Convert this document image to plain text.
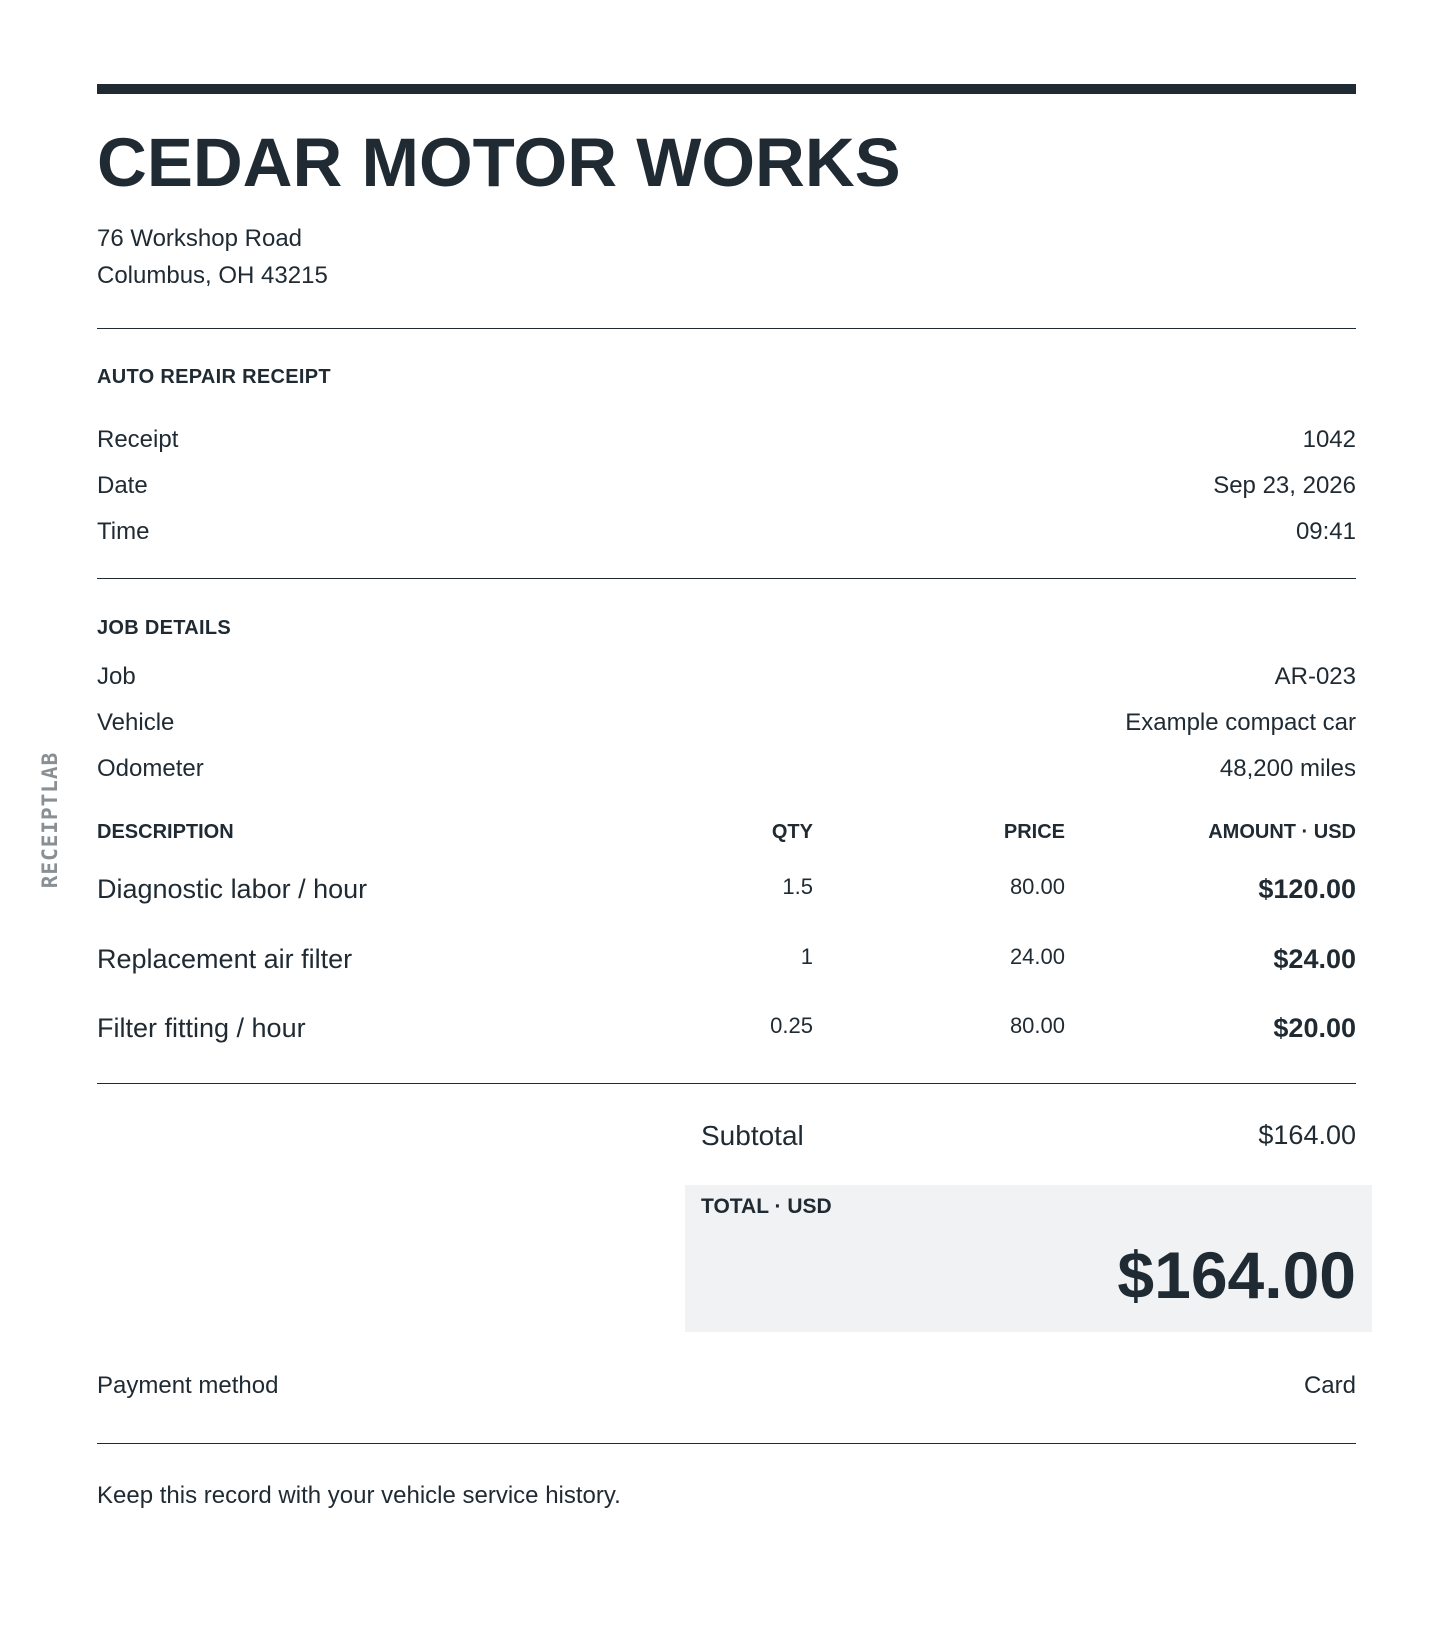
RECEIPTLAB
CEDAR MOTOR WORKS
76 Workshop Road
Columbus, OH 43215
AUTO REPAIR RECEIPT
Receipt	1042
Date	Sep 23, 2026
Time	09:41
JOB DETAILS
Job	AR-023
Vehicle	Example compact car
Odometer	48,200 miles
DESCRIPTION	QTY	PRICE	AMOUNT · USD
Diagnostic labor / hour	1.5	80.00	$120.00
Replacement air filter	1	24.00	$24.00
Filter fitting / hour	0.25	80.00	$20.00
Subtotal	$164.00
TOTAL · USD
$164.00
Payment method	Card
Keep this record with your vehicle service history.
